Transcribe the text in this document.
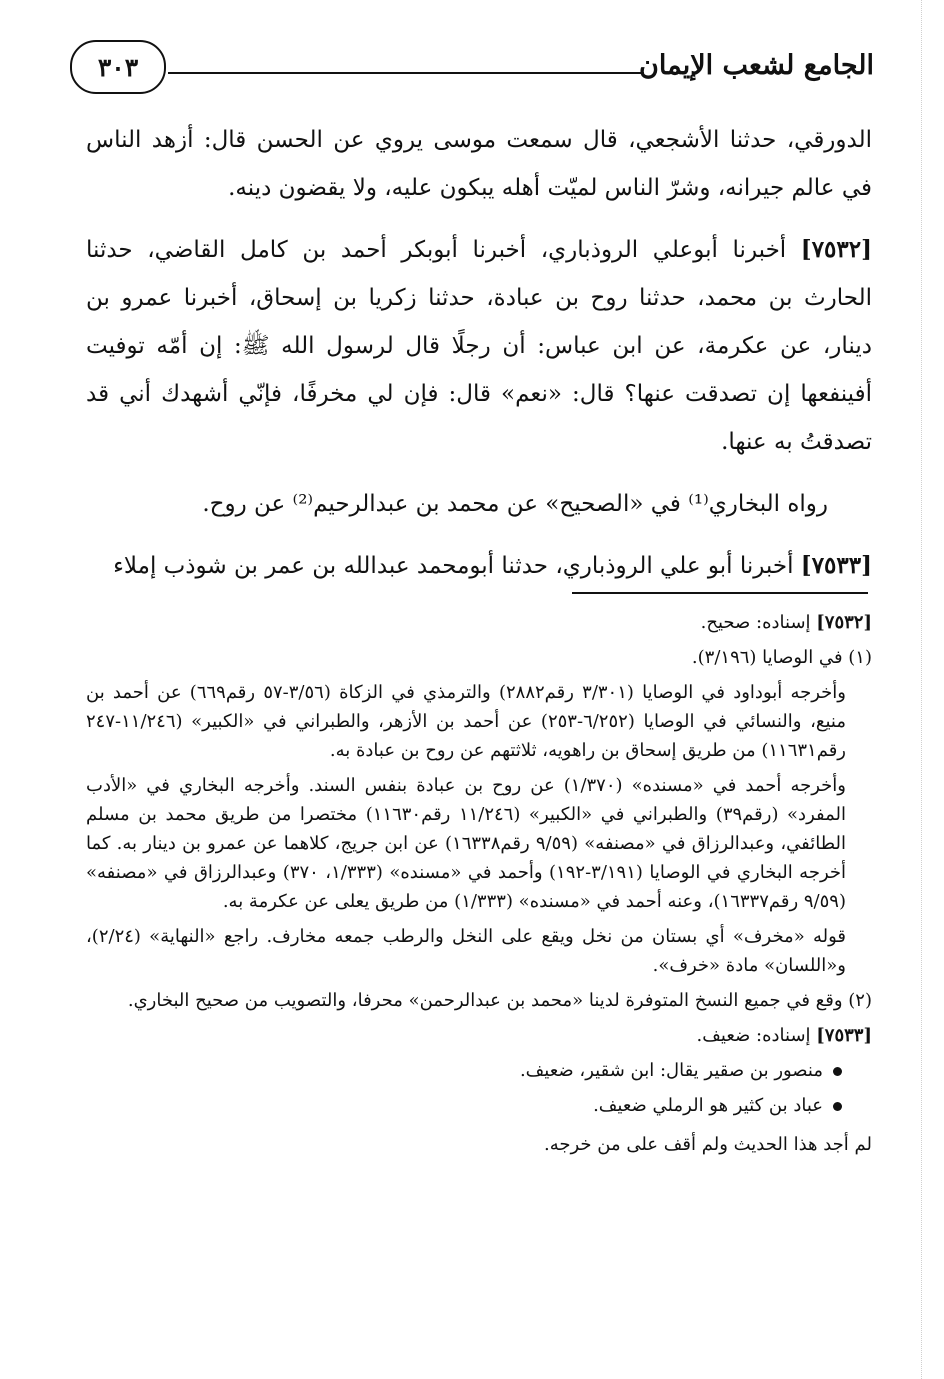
الجامع لشعب الإيمان
٣٠٣

الدورقي، حدثنا الأشجعي، قال سمعت موسى يروي عن الحسن قال: أزهد الناس في عالم جيرانه، وشرّ الناس لميّت أهله يبكون عليه، ولا يقضون دينه.

[٧٥٣٢] أخبرنا أبوعلي الروذباري، أخبرنا أبوبكر أحمد بن كامل القاضي، حدثنا الحارث بن محمد، حدثنا روح بن عبادة، حدثنا زكريا بن إسحاق، أخبرنا عمرو بن دينار، عن عكرمة، عن ابن عباس: أن رجلًا قال لرسول الله ﷺ: إن أمّه توفيت أفينفعها إن تصدقت عنها؟ قال: «نعم» قال: فإن لي مخرفًا، فإنّي أشهدك أني قد تصدقتُ به عنها.

رواه البخاري⁽¹⁾ في «الصحيح» عن محمد بن عبدالرحيم⁽²⁾ عن روح.

[٧٥٣٣] أخبرنا أبو علي الروذباري، حدثنا أبومحمد عبدالله بن عمر بن شوذب إملاء

[٧٥٣٢] إسناده: صحيح.

(١) في الوصايا (٣/١٩٦).

وأخرجه أبوداود في الوصايا (٣/٣٠١ رقم٢٨٨٢) والترمذي في الزكاة (٣/٥٦-٥٧ رقم٦٦٩) عن أحمد بن منيع، والنسائي في الوصايا (٦/٢٥٢-٢٥٣) عن أحمد بن الأزهر، والطبراني في «الكبير» (١١/٢٤٦-٢٤٧ رقم١١٦٣١) من طريق إسحاق بن راهويه، ثلاثتهم عن روح بن عبادة به.

وأخرجه أحمد في «مسنده» (١/٣٧٠) عن روح بن عبادة بنفس السند. وأخرجه البخاري في «الأدب المفرد» (رقم٣٩) والطبراني في «الكبير» (١١/٢٤٦ رقم١١٦٣٠) مختصرا من طريق محمد بن مسلم الطائفي، وعبدالرزاق في «مصنفه» (٩/٥٩ رقم١٦٣٣٨) عن ابن جريج، كلاهما عن عمرو بن دينار به. كما أخرجه البخاري في الوصايا (٣/١٩١-١٩٢) وأحمد في «مسنده» (١/٣٣٣، ٣٧٠) وعبدالرزاق في «مصنفه» (٩/٥٩ رقم١٦٣٣٧)، وعنه أحمد في «مسنده» (١/٣٣٣) من طريق يعلى عن عكرمة به.

قوله «مخرف» أي بستان من نخل ويقع على النخل والرطب جمعه مخارف. راجع «النهاية» (٢/٢٤)، و«اللسان» مادة «خرف».

(٢) وقع في جميع النسخ المتوفرة لدينا «محمد بن عبدالرحمن» محرفا، والتصويب من صحيح البخاري.

[٧٥٣٣] إسناده: ضعيف.

منصور بن صقير يقال: ابن شقير، ضعيف.
عباد بن كثير هو الرملي ضعيف.

لم أجد هذا الحديث ولم أقف على من خرجه.
